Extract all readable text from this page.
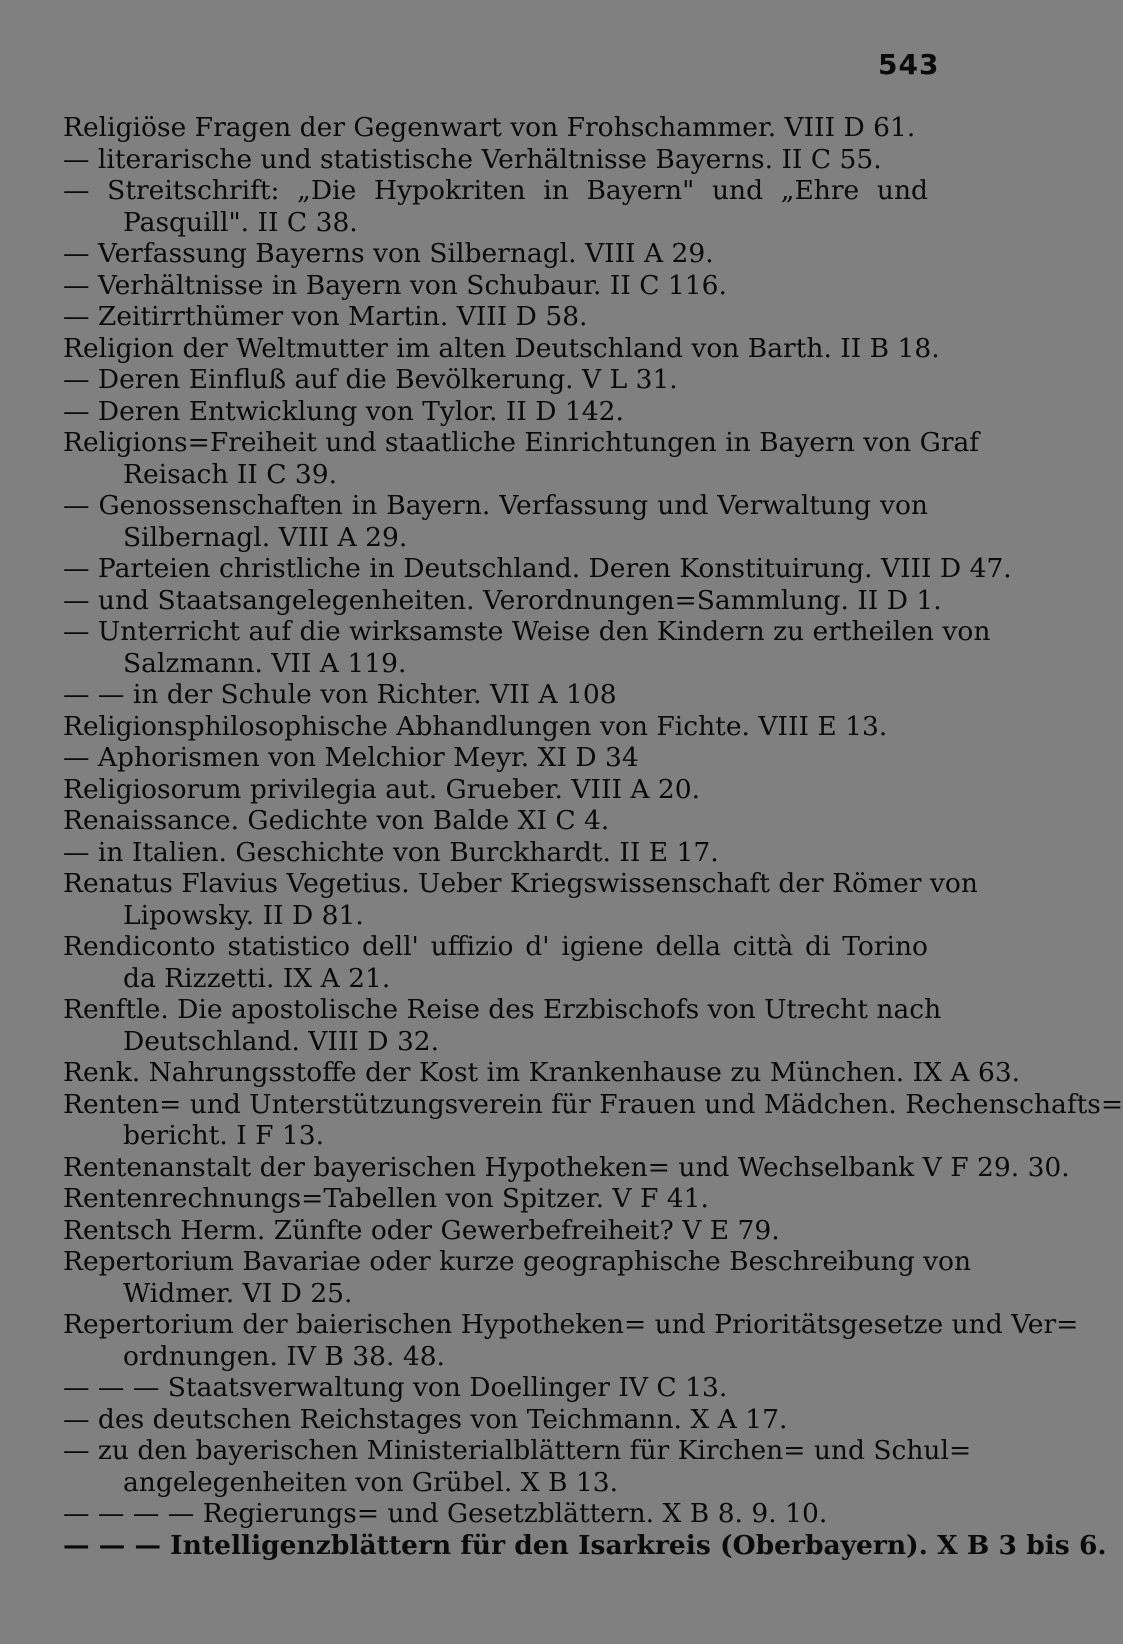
543
Religiöse Fragen der Gegenwart von Frohschammer. VIII D 61.
— literarische und statistische Verhältnisse Bayerns. II C 55.
— Streitschrift: „Die Hypokriten in Bayern" und „Ehre und
Pasquill". II C 38.
— Verfassung Bayerns von Silbernagl. VIII A 29.
— Verhältnisse in Bayern von Schubaur. II C 116.
— Zeitirrthümer von Martin. VIII D 58.
Religion der Weltmutter im alten Deutschland von Barth. II B 18.
— Deren Einfluß auf die Bevölkerung. V L 31.
— Deren Entwicklung von Tylor. II D 142.
Religions=Freiheit und staatliche Einrichtungen in Bayern von Graf
Reisach II C 39.
— Genossenschaften in Bayern. Verfassung und Verwaltung von
Silbernagl. VIII A 29.
— Parteien christliche in Deutschland. Deren Konstituirung. VIII D 47.
— und Staatsangelegenheiten. Verordnungen=Sammlung. II D 1.
— Unterricht auf die wirksamste Weise den Kindern zu ertheilen von
Salzmann. VII A 119.
— — in der Schule von Richter. VII A 108
Religionsphilosophische Abhandlungen von Fichte. VIII E 13.
— Aphorismen von Melchior Meyr. XI D 34
Religiosorum privilegia aut. Grueber. VIII A 20.
Renaissance. Gedichte von Balde XI C 4.
— in Italien. Geschichte von Burckhardt. II E 17.
Renatus Flavius Vegetius. Ueber Kriegswissenschaft der Römer von
Lipowsky. II D 81.
Rendiconto statistico dell' uffizio d' igiene della città di Torino
da Rizzetti. IX A 21.
Renftle. Die apostolische Reise des Erzbischofs von Utrecht nach
Deutschland. VIII D 32.
Renk. Nahrungsstoffe der Kost im Krankenhause zu München. IX A 63.
Renten= und Unterstützungsverein für Frauen und Mädchen. Rechenschafts=
bericht. I F 13.
Rentenanstalt der bayerischen Hypotheken= und Wechselbank V F 29. 30.
Rentenrechnungs=Tabellen von Spitzer. V F 41.
Rentsch Herm. Zünfte oder Gewerbefreiheit? V E 79.
Repertorium Bavariae oder kurze geographische Beschreibung von
Widmer. VI D 25.
Repertorium der baierischen Hypotheken= und Prioritätsgesetze und Ver=
ordnungen. IV B 38. 48.
— — — Staatsverwaltung von Doellinger IV C 13.
— des deutschen Reichstages von Teichmann. X A 17.
— zu den bayerischen Ministerialblättern für Kirchen= und Schul=
angelegenheiten von Grübel. X B 13.
— — — — Regierungs= und Gesetzblättern. X B 8. 9. 10.
— — — Intelligenzblättern für den Isarkreis (Oberbayern). X B 3 bis 6.
